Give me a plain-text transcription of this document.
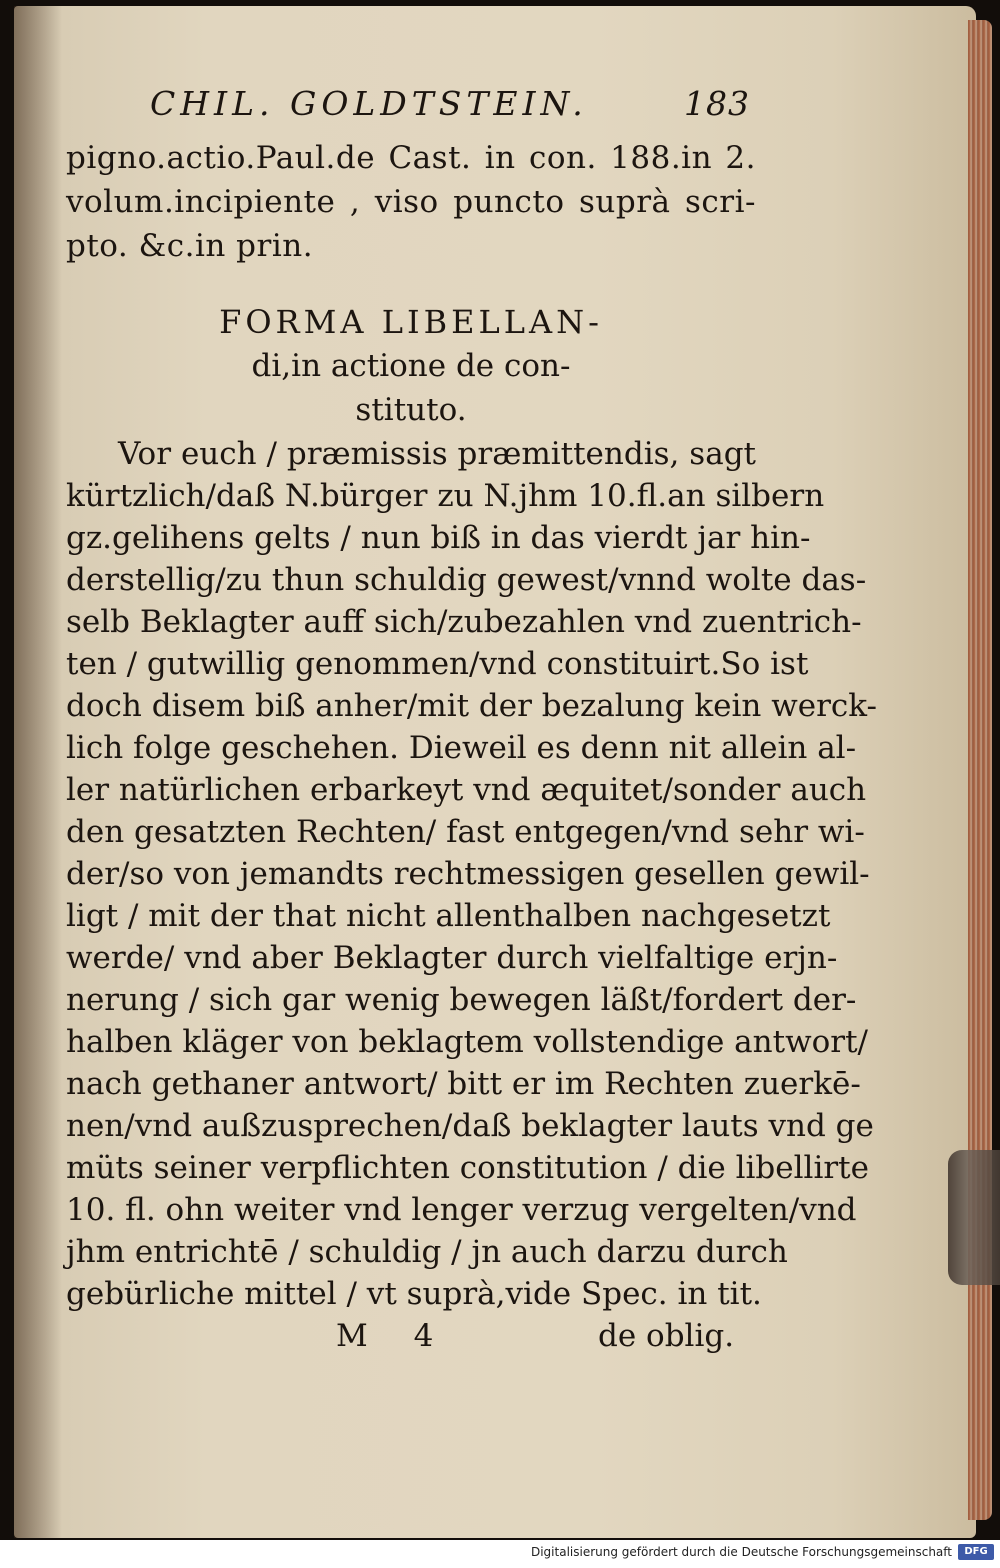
CHIL. GOLDTSTEIN.	183
pigno.actio.Paul.de Cast. in con. 188.in 2.
volum.incipiente , viso puncto suprà scri-
pto. &c.in prin.
FORMA LIBELLAN-
di,in actione de con-
stituto.
Vor euch / præmissis præmittendis, sagt
kürtzlich/daß N.bürger zu N.jhm 10.fl.an silbern
gz.gelihens gelts / nun biß in das vierdt jar hin-
derstellig/zu thun schuldig gewest/vnnd wolte das-
selb Beklagter auff sich/zubezahlen vnd zuentrich-
ten / gutwillig genommen/vnd constituirt.So ist
doch disem biß anher/mit der bezalung kein werck-
lich folge geschehen. Dieweil es denn nit allein al-
ler natürlichen erbarkeyt vnd æquitet/sonder auch
den gesatzten Rechten/ fast entgegen/vnd sehr wi-
der/so von jemandts rechtmessigen gesellen gewil-
ligt / mit der that nicht allenthalben nachgesetzt
werde/ vnd aber Beklagter durch vielfaltige erjn-
nerung / sich gar wenig bewegen läßt/fordert der-
halben kläger von beklagtem vollstendige antwort/
nach gethaner antwort/ bitt er im Rechten zuerkē-
nen/vnd außzusprechen/daß beklagter lauts vnd ge
müts seiner verpflichten constitution / die libellirte
10. fl. ohn weiter vnd lenger verzug vergelten/vnd
jhm entrichtē / schuldig / jn auch darzu durch
gebürliche mittel / vt suprà,vide Spec. in tit.
M 4	de oblig.
Digitalisierung gefördert durch die Deutsche Forschungsgemeinschaft	DFG
